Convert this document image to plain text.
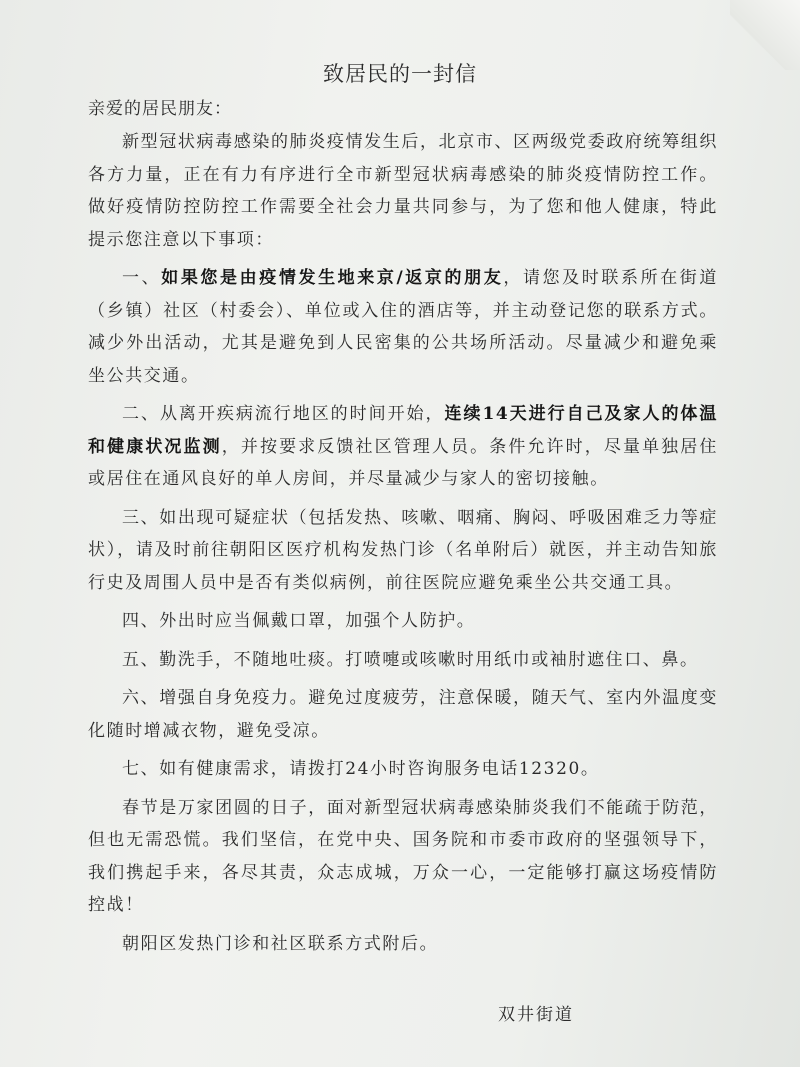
致居民的一封信
亲爱的居民朋友：

新型冠状病毒感染的肺炎疫情发生后，北京市、区两级党委政府统筹组织各方力量，正在有力有序进行全市新型冠状病毒感染的肺炎疫情防控工作。做好疫情防控防控工作需要全社会力量共同参与，为了您和他人健康，特此提示您注意以下事项：

一、如果您是由疫情发生地来京/返京的朋友，请您及时联系所在街道（乡镇）社区（村委会）、单位或入住的酒店等，并主动登记您的联系方式。减少外出活动，尤其是避免到人民密集的公共场所活动。尽量减少和避免乘坐公共交通。

二、从离开疾病流行地区的时间开始，连续14天进行自己及家人的体温和健康状况监测，并按要求反馈社区管理人员。条件允许时，尽量单独居住或居住在通风良好的单人房间，并尽量减少与家人的密切接触。

三、如出现可疑症状（包括发热、咳嗽、咽痛、胸闷、呼吸困难乏力等症状），请及时前往朝阳区医疗机构发热门诊（名单附后）就医，并主动告知旅行史及周围人员中是否有类似病例，前往医院应避免乘坐公共交通工具。

四、外出时应当佩戴口罩，加强个人防护。

五、勤洗手，不随地吐痰。打喷嚏或咳嗽时用纸巾或袖肘遮住口、鼻。

六、增强自身免疫力。避免过度疲劳，注意保暖，随天气、室内外温度变化随时增减衣物，避免受凉。

七、如有健康需求，请拨打24小时咨询服务电话12320。

春节是万家团圆的日子，面对新型冠状病毒感染肺炎我们不能疏于防范，但也无需恐慌。我们坚信，在党中央、国务院和市委市政府的坚强领导下，我们携起手来，各尽其责，众志成城，万众一心，一定能够打赢这场疫情防控战！

朝阳区发热门诊和社区联系方式附后。

双井街道
